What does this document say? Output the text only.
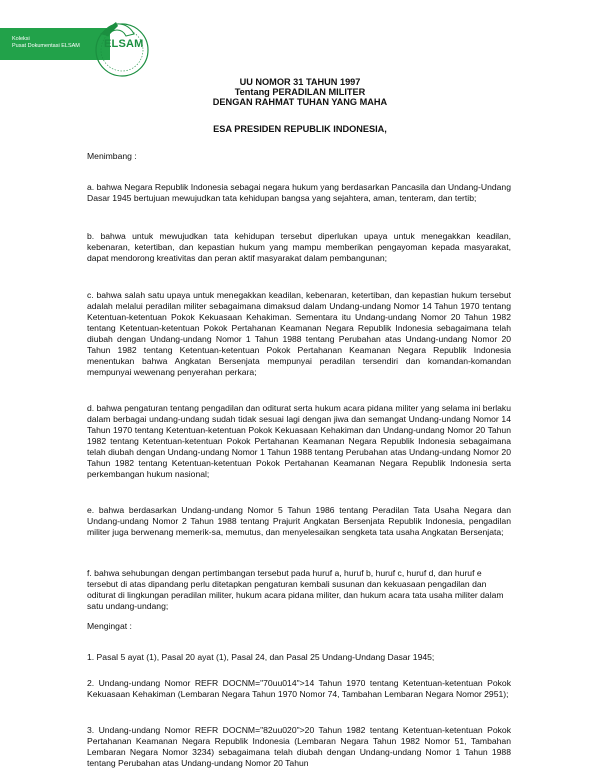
Koleksi
Pusat Dokumentasi ELSAM ELSAM
UU NOMOR 31 TAHUN 1997
Tentang PERADILAN MILITER
DENGAN RAHMAT TUHAN YANG MAHA
ESA PRESIDEN REPUBLIK INDONESIA,
Menimbang :

a. bahwa Negara Republik Indonesia sebagai negara hukum yang berdasarkan Pancasila dan Undang-Undang Dasar 1945 bertujuan mewujudkan tata kehidupan bangsa yang sejahtera, aman, tenteram, dan tertib;

b. bahwa untuk mewujudkan tata kehidupan tersebut diperlukan upaya untuk menegakkan keadilan, kebenaran, ketertiban, dan kepastian hukum yang mampu memberikan pengayoman kepada masyarakat, dapat mendorong kreativitas dan peran aktif masyarakat dalam pembangunan;

c. bahwa salah satu upaya untuk menegakkan keadilan, kebenaran, ketertiban, dan kepastian hukum tersebut adalah melalui peradilan militer sebagaimana dimaksud dalam Undang-undang Nomor 14 Tahun 1970 tentang Ketentuan-ketentuan Pokok Kekuasaan Kehakiman. Sementara itu Undang-undang Nomor 20 Tahun 1982 tentang Ketentuan-ketentuan Pokok Pertahanan Keamanan Negara Republik Indonesia sebagaimana telah diubah dengan Undang-undang Nomor 1 Tahun 1988 tentang Perubahan atas Undang-undang Nomor 20 Tahun 1982 tentang Ketentuan-ketentuan Pokok Pertahanan Keamanan Negara Republik Indonesia menentukan bahwa Angkatan Bersenjata mempunyai peradilan tersendiri dan komandan-komandan mempunyai wewenang penyerahan perkara;

d. bahwa pengaturan tentang pengadilan dan oditurat serta hukum acara pidana militer yang selama ini berlaku dalam berbagai undang-undang sudah tidak sesuai lagi dengan jiwa dan semangat Undang-undang Nomor 14 Tahun 1970 tentang Ketentuan-ketentuan Pokok Kekuasaan Kehakiman dan Undang-undang Nomor 20 Tahun 1982 tentang Ketentuan-ketentuan Pokok Pertahanan Keamanan Negara Republik Indonesia sebagaimana telah diubah dengan Undang-undang Nomor 1 Tahun 1988 tentang Perubahan atas Undang-undang Nomor 20 Tahun 1982 tentang Ketentuan-ketentuan Pokok Pertahanan Keamanan Negara Republik Indonesia serta perkembangan hukum nasional;

e. bahwa berdasarkan Undang-undang Nomor 5 Tahun 1986 tentang Peradilan Tata Usaha Negara dan Undang-undang Nomor 2 Tahun 1988 tentang Prajurit Angkatan Bersenjata Republik Indonesia, pengadilan militer juga berwenang memerik-sa, memutus, dan menyelesaikan sengketa tata usaha Angkatan Bersenjata;

f. bahwa sehubungan dengan pertimbangan tersebut pada huruf a, huruf b, huruf c, huruf d, dan huruf e tersebut di atas dipandang perlu ditetapkan pengaturan kembali susunan dan kekuasaan pengadilan dan oditurat di lingkungan peradilan militer, hukum acara pidana militer, dan hukum acara tata usaha militer dalam satu undang-undang;

Mengingat :

1. Pasal 5 ayat (1), Pasal 20 ayat (1), Pasal 24, dan Pasal 25 Undang-Undang Dasar 1945;

2. Undang-undang Nomor REFR DOCNM="70uu014">14 Tahun 1970 tentang Ketentuan-ketentuan Pokok Kekuasaan Kehakiman (Lembaran Negara Tahun 1970 Nomor 74, Tambahan Lembaran Negara Nomor 2951);

3. Undang-undang Nomor REFR DOCNM="82uu020">20 Tahun 1982 tentang Ketentuan-ketentuan Pokok Pertahanan Keamanan Negara Republik Indonesia (Lembaran Negara Tahun 1982 Nomor 51, Tambahan Lembaran Negara Nomor 3234) sebagaimana telah diubah dengan Undang-undang Nomor 1 Tahun 1988 tentang Perubahan atas Undang-undang Nomor 20 Tahun
